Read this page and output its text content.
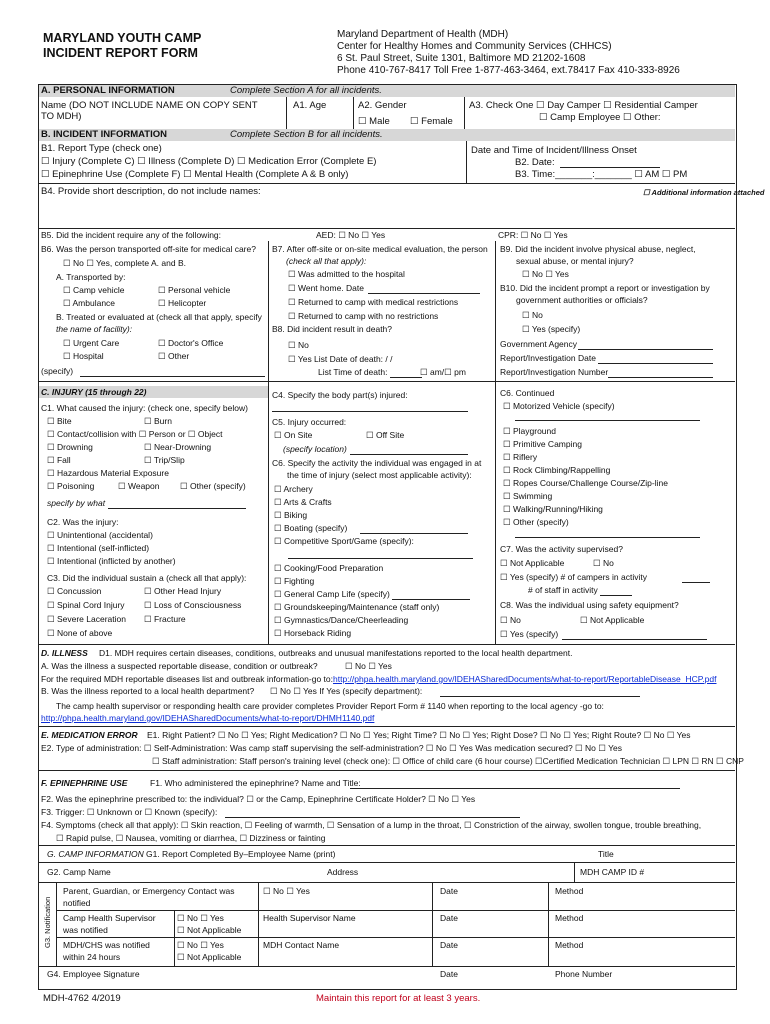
MARYLAND YOUTH CAMP
INCIDENT REPORT FORM
Maryland Department of Health (MDH)
Center for Healthy Homes and Community Services (CHHCS)
6 St. Paul Street, Suite 1301, Baltimore MD 21202-1608
Phone 410-767-8417 Toll Free 1-877-463-3464, ext.78417 Fax 410-333-8926
A. PERSONAL INFORMATION	Complete Section A for all incidents.
Name (DO NOT INCLUDE NAME ON COPY SENT
TO MDH)
A1. Age	A2. Gender
☐ Male ☐ Female
A3. Check One ☐ Day Camper ☐ Residential Camper
☐ Camp Employee ☐ Other:
B. INCIDENT INFORMATION	Complete Section B for all incidents.
B1. Report Type (check one)
☐ Injury (Complete C) ☐ Illness (Complete D) ☐ Medication Error (Complete E)
☐ Epinephrine Use (Complete F) ☐ Mental Health (Complete A & B only)
Date and Time of Incident/Illness Onset
B2. Date:
B3. Time:_______:_______ ☐ AM ☐ PM
B4. Provide short description, do not include names:	☐ Additional information attached
B5. Did the incident require any of the following:	AED: ☐ No ☐ Yes	CPR: ☐ No ☐ Yes
B6. Was the person transported off-site for medical care?
☐ No ☐ Yes, complete A. and B.
A. Transported by:
☐ Camp vehicle	☐ Personal vehicle
☐ Ambulance	☐ Helicopter
B. Treated or evaluated at (check all that apply, specify
the name of facility):
☐ Urgent Care	☐ Doctor's Office
☐ Hospital	☐ Other
(specify)
B7. After off-site or on-site medical evaluation, the person
(check all that apply):
☐ Was admitted to the hospital
☐ Went home. Date
☐ Returned to camp with medical restrictions
☐ Returned to camp with no restrictions
B8. Did incident result in death?
☐ No
☐ Yes List Date of death: / /
List Time of death:	☐ am/☐ pm
B9. Did the incident involve physical abuse, neglect,
sexual abuse, or mental injury?
☐ No ☐ Yes
B10. Did the incident prompt a report or investigation by
government authorities or officials?
☐ No
☐ Yes (specify)
Government Agency
Report/Investigation Date
Report/Investigation Number
C. INJURY (15 through 22)
C1. What caused the injury: (check one, specify below)
☐ Bite	☐ Burn
☐ Contact/collision with ☐ Person or ☐ Object
☐ Drowning	☐ Near-Drowning
☐ Fall	☐ Trip/Slip
☐ Hazardous Material Exposure
☐ Poisoning	☐ Weapon ☐ Other (specify)
specify by what
C2. Was the injury:
☐ Unintentional (accidental)
☐ Intentional (self-inflicted)
☐ Intentional (inflicted by another)
C3. Did the individual sustain a (check all that apply):
☐ Concussion	☐ Other Head Injury
☐ Spinal Cord Injury ☐ Loss of Consciousness
☐ Severe Laceration ☐ Fracture
☐ None of above
C4. Specify the body part(s) injured:
C5. Injury occurred:
☐ On Site	☐ Off Site
(specify location)
C6. Specify the activity the individual was engaged in at
the time of injury (select most applicable activity):
☐ Archery
☐ Arts & Crafts
☐ Biking
☐ Boating (specify)
☐ Competitive Sport/Game (specify):
☐ Cooking/Food Preparation
☐ Fighting
☐ General Camp Life (specify)
☐ Groundskeeping/Maintenance (staff only)
☐ Gymnastics/Dance/Cheerleading
☐ Horseback Riding
C6. Continued
☐ Motorized Vehicle (specify)
☐ Playground
☐ Primitive Camping
☐ Riflery
☐ Rock Climbing/Rappelling
☐ Ropes Course/Challenge Course/Zip-line
☐ Swimming
☐ Walking/Running/Hiking
☐ Other (specify)
C7. Was the activity supervised?
☐ Not Applicable	☐ No
☐ Yes (specify) # of campers in activity
# of staff in activity
C8. Was the individual using safety equipment?
☐ No	☐ Not Applicable
☐ Yes (specify)
D. ILLNESS D1. MDH requires certain diseases, conditions, outbreaks and unusual manifestations reported to the local health department.
A. Was the illness a suspected reportable disease, condition or outbreak?	☐ No ☐ Yes
For the required MDH reportable diseases list and outbreak information-go to: http://phpa.health.maryland.gov/IDEHASharedDocuments/what-to-report/ReportableDisease_HCP.pdf
B. Was the illness reported to a local health department? ☐ No ☐ Yes If Yes (specify department):
The camp health supervisor or responding health care provider completes Provider Report Form # 1140 when reporting to the local agency -go to:
http://phpa.health.maryland.gov/IDEHASharedDocuments/what-to-report/DHMH1140.pdf
E. MEDICATION ERROR E1. Right Patient? ☐ No ☐ Yes; Right Medication? ☐ No ☐ Yes; Right Time? ☐ No ☐ Yes; Right Dose? ☐ No ☐ Yes; Right Route? ☐ No ☐ Yes
E2. Type of administration: ☐ Self-Administration: Was camp staff supervising the self-administration? ☐ No ☐ Yes Was medication secured? ☐ No ☐ Yes
☐ Staff administration: Staff person's training level (check one): ☐ Office of child care (6 hour course) ☐Certified Medication Technician ☐ LPN ☐ RN ☐ CNP
F. EPINEPHRINE USE	F1. Who administered the epinephrine? Name and Title:
F2. Was the epinephrine prescribed to: the individual? ☐ or the Camp, Epinephrine Certificate Holder? ☐ No ☐ Yes
F3. Trigger: ☐ Unknown or ☐ Known (specify):
F4. Symptoms (check all that apply): ☐ Skin reaction, ☐ Feeling of warmth, ☐ Sensation of a lump in the throat, ☐ Constriction of the airway, swollen tongue, trouble breathing,
☐ Rapid pulse, ☐ Nausea, vomiting or diarrhea, ☐ Dizziness or fainting
G. CAMP INFORMATION G1. Report Completed By–Employee Name (print)	Title
G2. Camp Name	Address	MDH CAMP ID #
G3. Notification
Parent, Guardian, or Emergency Contact was
notified
☐ No ☐ Yes	Date	Method
Camp Health Supervisor
was notified
☐ No ☐ Yes
☐ Not Applicable
Health Supervisor Name	Date	Method
MDH/CHS was notified
within 24 hours
☐ No ☐ Yes
☐ Not Applicable
MDH Contact Name	Date	Method
G4. Employee Signature	Date	Phone Number
MDH-4762 4/2019	Maintain this report for at least 3 years.
